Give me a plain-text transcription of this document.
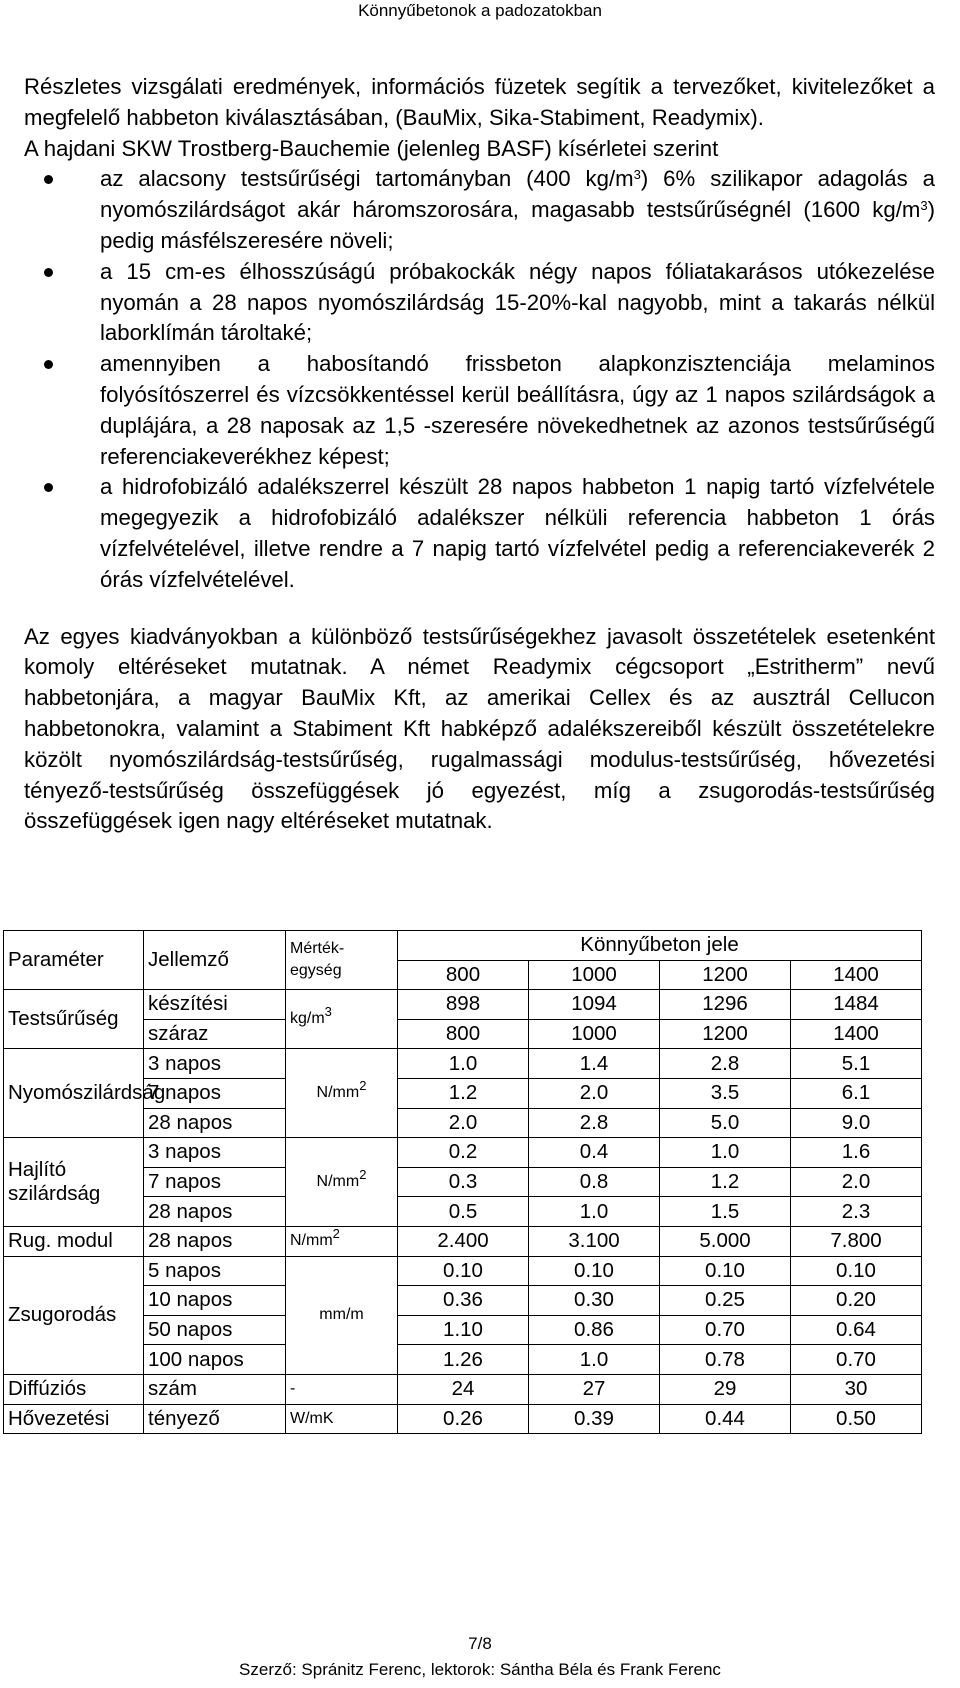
Könnyűbetonok a padozatokban

Részletes vizsgálati eredmények, információs füzetek segítik a tervezőket, kivitelezőket a megfelelő habbeton kiválasztásában, (BauMix, Sika-Stabiment, Readymix).

A hajdani SKW Trostberg-Bauchemie (jelenleg BASF) kísérletei szerint

az alacsony testsűrűségi tartományban (400 $kg/m^3$) 6% szilikapor adagolás a nyomószilárdságot akár háromszorosára, magasabb testsűrűségnél (1600 $kg/m^3$) pedig másfélszeresére növeli;
a 15 cm-es élhosszúságú próbakockák négy napos fóliatakarásos utókezelése nyomán a 28 napos nyomószilárdság 15-20%-kal nagyobb, mint a takarás nélkül laborklímán tároltaké;
amennyiben a habosítandó frissbeton alapkonzisztenciája melaminos folyósítószerrel és vízcsökkentéssel kerül beállításra, úgy az 1 napos szilárdságok a duplájára, a 28 naposak az 1,5 -szeresére növekedhetnek az azonos testsűrűségű referenciakeverékhez képest;
a hidrofobizáló adalékszerrel készült 28 napos habbeton 1 napig tartó vízfelvétele megegyezik a hidrofobizáló adalékszer nélküli referencia habbeton 1 órás vízfelvételével, illetve rendre a 7 napig tartó vízfelvétel pedig a referenciakeverék 2 órás vízfelvételével.

Az egyes kiadványokban a különböző testsűrűségekhez javasolt összetételek esetenként komoly eltéréseket mutatnak. A német Readymix cégcsoport „Estritherm” nevű habbetonjára, a magyar BauMix Kft, az amerikai Cellex és az ausztrál Cellucon habbetonokra, valamint a Stabiment Kft habképző adalékszereiből készült összetételekre közölt nyomószilárdság-testsűrűség, rugalmassági modulus-testsűrűség, hővezetési tényező-testsűrűség összefüggések jó egyezést, míg a zsugorodás-testsűrűség összefüggések igen nagy eltéréseket mutatnak.

Paraméter	Jellemző	Mérték-egység	Könnyűbeton jele			
			800	1000	1200	1400
Testsűrűség	készítési	$kg/m^3$	898	1094	1296	1484
	száraz		800	1000	1200	1400
Nyomószilárdság	3 napos	$N/mm^2$	1.0	1.4	2.8	5.1
	7 napos		1.2	2.0	3.5	6.1
	28 napos		2.0	2.8	5.0	9.0
Hajlító szilárdság	3 napos	$N/mm^2$	0.2	0.4	1.0	1.6
	7 napos		0.3	0.8	1.2	2.0
	28 napos		0.5	1.0	1.5	2.3
Rug. modul	28 napos	$N/mm^2$	2.400	3.100	5.000	7.800
Zsugorodás	5 napos	mm/m	0.10	0.10	0.10	0.10
	10 napos		0.36	0.30	0.25	0.20
	50 napos		1.10	0.86	0.70	0.64
	100 napos		1.26	1.0	0.78	0.70
Diffúziós	szám	-	24	27	29	30
Hővezetési	tényező	W/mK	0.26	0.39	0.44	0.50
7/8
Szerző: Spránitz Ferenc, lektorok: Sántha Béla és Frank Ferenc
